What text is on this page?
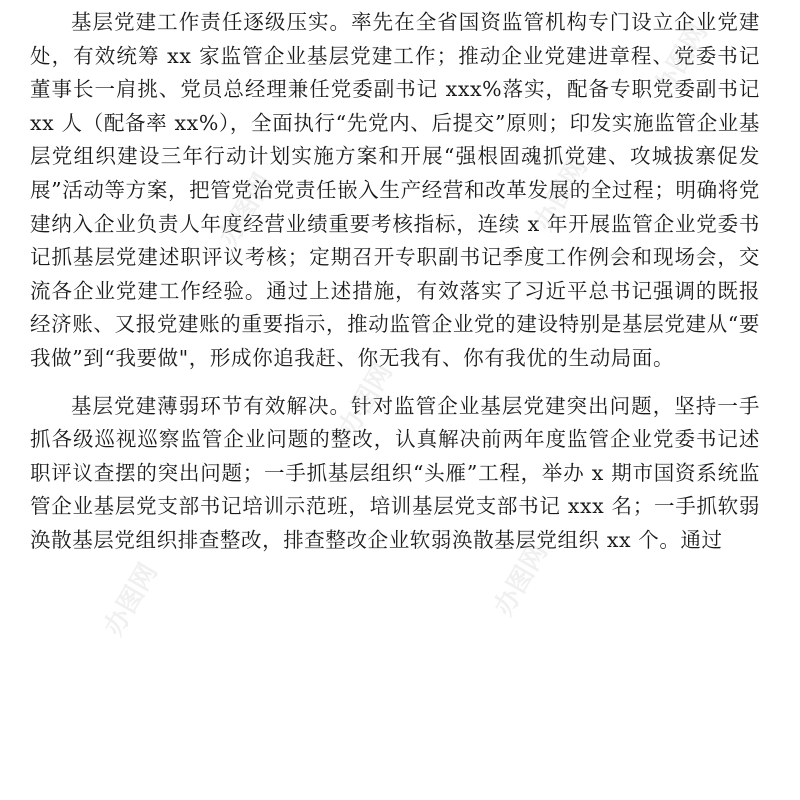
基层党建工作责任逐级压实。率先在全省国资监管机构专门设立企业党建处，有效统筹 xx 家监管企业基层党建工作；推动企业党建进章程、党委书记董事长一肩挑、党员总经理兼任党委副书记 xxx%落实，配备专职党委副书记 xx 人（配备率 xx%），全面执行“先党内、后提交”原则；印发实施监管企业基层党组织建设三年行动计划实施方案和开展“强根固魂抓党建、攻城拔寨促发展”活动等方案，把管党治党责任嵌入生产经营和改革发展的全过程；明确将党建纳入企业负责人年度经营业绩重要考核指标，连续 x 年开展监管企业党委书记抓基层党建述职评议考核；定期召开专职副书记季度工作例会和现场会，交流各企业党建工作经验。通过上述措施，有效落实了习近平总书记强调的既报经济账、又报党建账的重要指示，推动监管企业党的建设特别是基层党建从“要我做”到“我要做"，形成你追我赶、你无我有、你有我优的生动局面。

基层党建薄弱环节有效解决。针对监管企业基层党建突出问题，坚持一手抓各级巡视巡察监管企业问题的整改，认真解决前两年度监管企业党委书记述职评议查摆的突出问题；一手抓基层组织“头雁”工程，举办 x 期市国资系统监管企业基层党支部书记培训示范班，培训基层党支部书记 xxx 名；一手抓软弱涣散基层党组织排查整改，排查整改企业软弱涣散基层党组织 xx 个。通过

办图网
办图网
办图网
办图网
办图网	办图网
